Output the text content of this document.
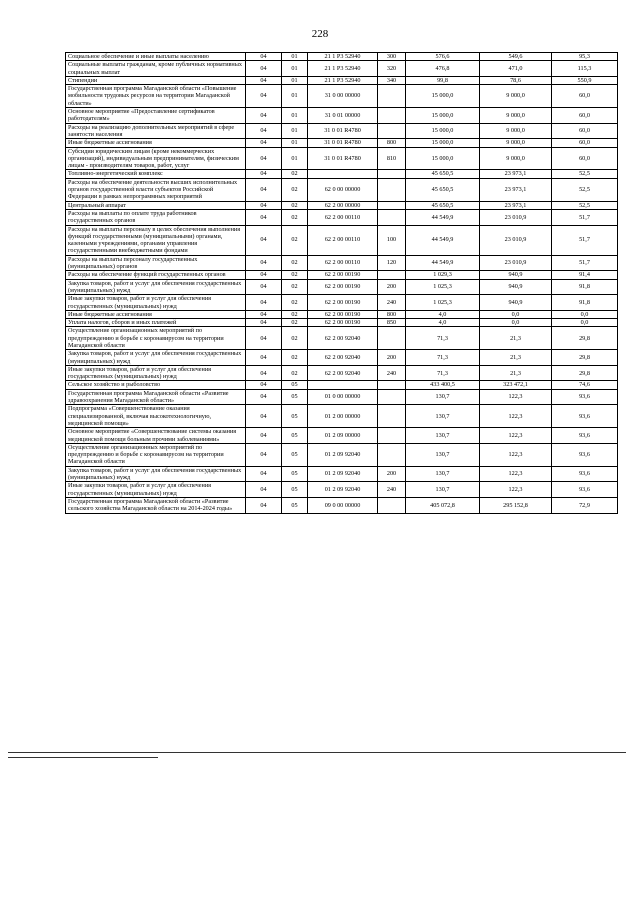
228
Социальное обеспечение и иные выплаты населению	04	01	21 1 P3 52940	300	576,6	549,6	95,3
Социальные выплаты гражданам, кроме публичных нормативных социальных выплат	04	01	21 1 P3 52940	320	476,8	471,0	115,3
Стипендии	04	01	21 1 P3 52940	340	99,8	78,6	550,9
Государственная программа Магаданской области «Повышение мобильности трудовых ресурсов на территории Магаданской области»	04	01	31 0 00 00000		15 000,0	9 000,0	60,0
Основное мероприятие «Предоставление сертификатов работодателям»	04	01	31 0 01 00000		15 000,0	9 000,0	60,0
Расходы на реализацию дополнительных мероприятий в сфере занятости населения	04	01	31 0 01 R4780		15 000,0	9 000,0	60,0
Иные бюджетные ассигнования	04	01	31 0 01 R4780	800	15 000,0	9 000,0	60,0
Субсидии юридическим лицам (кроме некоммерческих организаций), индивидуальным предпринимателям, физическим лицам - производителям товаров, работ, услуг	04	01	31 0 01 R4780	810	15 000,0	9 000,0	60,0
Топливно-энергетический комплекс	04	02			45 650,5	23 973,1	52,5
Расходы на обеспечение деятельности высших исполнительных органов государственной власти субъектов Российской Федерации в рамках непрограммных мероприятий	04	02	62 0 00 00000		45 650,5	23 973,1	52,5
Центральный аппарат	04	02	62 2 00 00000		45 650,5	23 973,1	52,5
Расходы на выплаты по оплате труда работников государственных органов	04	02	62 2 00 00110		44 549,9	23 010,9	51,7
Расходы на выплаты персоналу в целях обеспечения выполнения функций государственными (муниципальными) органами, казенными учреждениями, органами управления государственными внебюджетными фондами	04	02	62 2 00 00110	100	44 549,9	23 010,9	51,7
Расходы на выплаты персоналу государственных (муниципальных) органов	04	02	62 2 00 00110	120	44 549,9	23 010,9	51,7
Расходы на обеспечение функций государственных органов	04	02	62 2 00 00190		1 029,3	940,9	91,4
Закупка товаров, работ и услуг для обеспечения государственных (муниципальных) нужд	04	02	62 2 00 00190	200	1 025,3	940,9	91,8
Иные закупки товаров, работ и услуг для обеспечения государственных (муниципальных) нужд	04	02	62 2 00 00190	240	1 025,3	940,9	91,8
Иные бюджетные ассигнования	04	02	62 2 00 00190	800	4,0	0,0	0,0
Уплата налогов, сборов и иных платежей	04	02	62 2 00 00190	850	4,0	0,0	0,0
Осуществление организационных мероприятий по предупреждению и борьбе с коронавирусом на территории Магаданской области	04	02	62 2 00 92040		71,3	21,3	29,8
Закупка товаров, работ и услуг для обеспечения государственных (муниципальных) нужд	04	02	62 2 00 92040	200	71,3	21,3	29,8
Иные закупки товаров, работ и услуг для обеспечения государственных (муниципальных) нужд	04	02	62 2 00 92040	240	71,3	21,3	29,8
Сельское хозяйство и рыболовство	04	05			433 400,5	323 472,1	74,6
Государственная программа Магаданской области «Развитие здравоохранения Магаданской области»	04	05	01 0 00 00000		130,7	122,3	93,6
Подпрограмма «Совершенствование оказания специализированной, включая высокотехнологичную, медицинской помощи»	04	05	01 2 00 00000		130,7	122,3	93,6
Основное мероприятие «Совершенствование системы оказания медицинской помощи больным прочими заболеваниями»	04	05	01 2 09 00000		130,7	122,3	93,6
Осуществление организационных мероприятий по предупреждению и борьбе с коронавирусом на территории Магаданской области	04	05	01 2 09 92040		130,7	122,3	93,6
Закупка товаров, работ и услуг для обеспечения государственных (муниципальных) нужд	04	05	01 2 09 92040	200	130,7	122,3	93,6
Иные закупки товаров, работ и услуг для обеспечения государственных (муниципальных) нужд	04	05	01 2 09 92040	240	130,7	122,3	93,6
Государственная программа Магаданской области «Развитие сельского хозяйства Магаданской области на 2014-2024 годы»	04	05	09 0 00 00000		405 072,8	295 152,8	72,9
